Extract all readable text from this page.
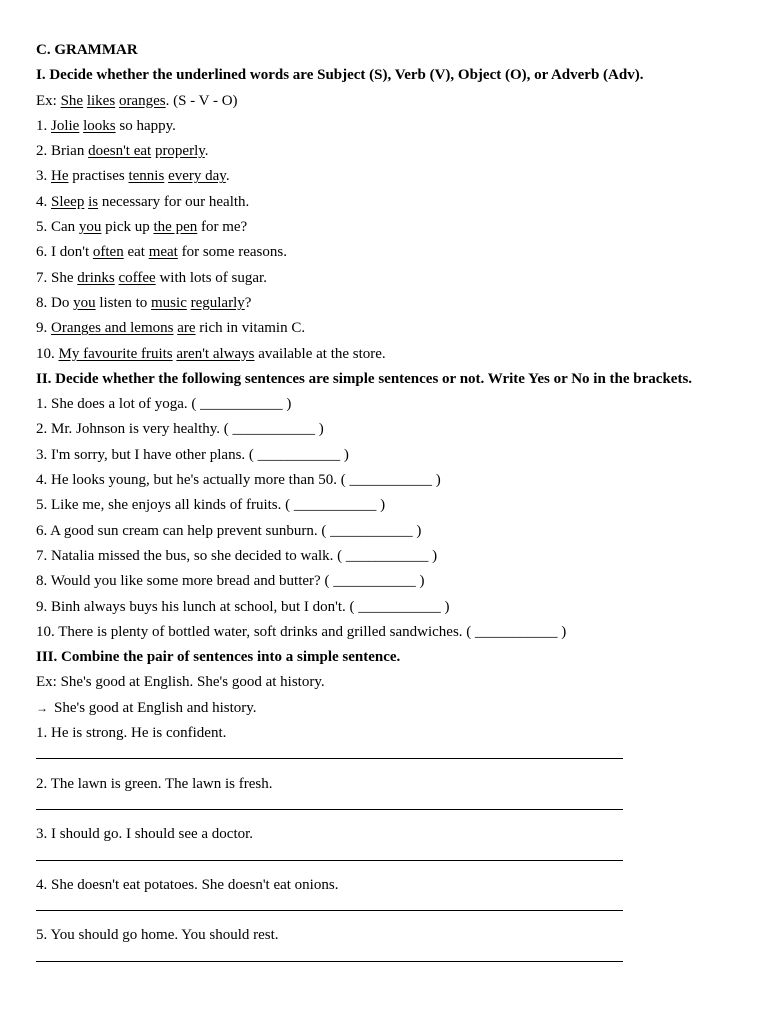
C. GRAMMAR
I. Decide whether the underlined words are Subject (S), Verb (V), Object (O), or Adverb (Adv).
Ex: She likes oranges. (S - V - O)
1. Jolie looks so happy.
2. Brian doesn't eat properly.
3. He practises tennis every day.
4. Sleep is necessary for our health.
5. Can you pick up the pen for me?
6. I don't often eat meat for some reasons.
7. She drinks coffee with lots of sugar.
8. Do you listen to music regularly?
9. Oranges and lemons are rich in vitamin C.
10. My favourite fruits aren't always available at the store.
II. Decide whether the following sentences are simple sentences or not. Write Yes or No in the brackets.
1. She does a lot of yoga. ( ___________ )
2. Mr. Johnson is very healthy. ( ___________ )
3. I'm sorry, but I have other plans. ( ___________ )
4. He looks young, but he's actually more than 50. ( ___________ )
5. Like me, she enjoys all kinds of fruits. ( ___________ )
6. A good sun cream can help prevent sunburn. ( ___________ )
7. Natalia missed the bus, so she decided to walk. ( ___________ )
8. Would you like some more bread and butter? ( ___________ )
9. Binh always buys his lunch at school, but I don't. ( ___________ )
10. There is plenty of bottled water, soft drinks and grilled sandwiches. ( ___________ )
III. Combine the pair of sentences into a simple sentence.
Ex: She's good at English. She's good at history.
→ She's good at English and history.
1. He is strong. He is confident.
2. The lawn is green. The lawn is fresh.
3. I should go. I should see a doctor.
4. She doesn't eat potatoes. She doesn't eat onions.
5. You should go home. You should rest.
